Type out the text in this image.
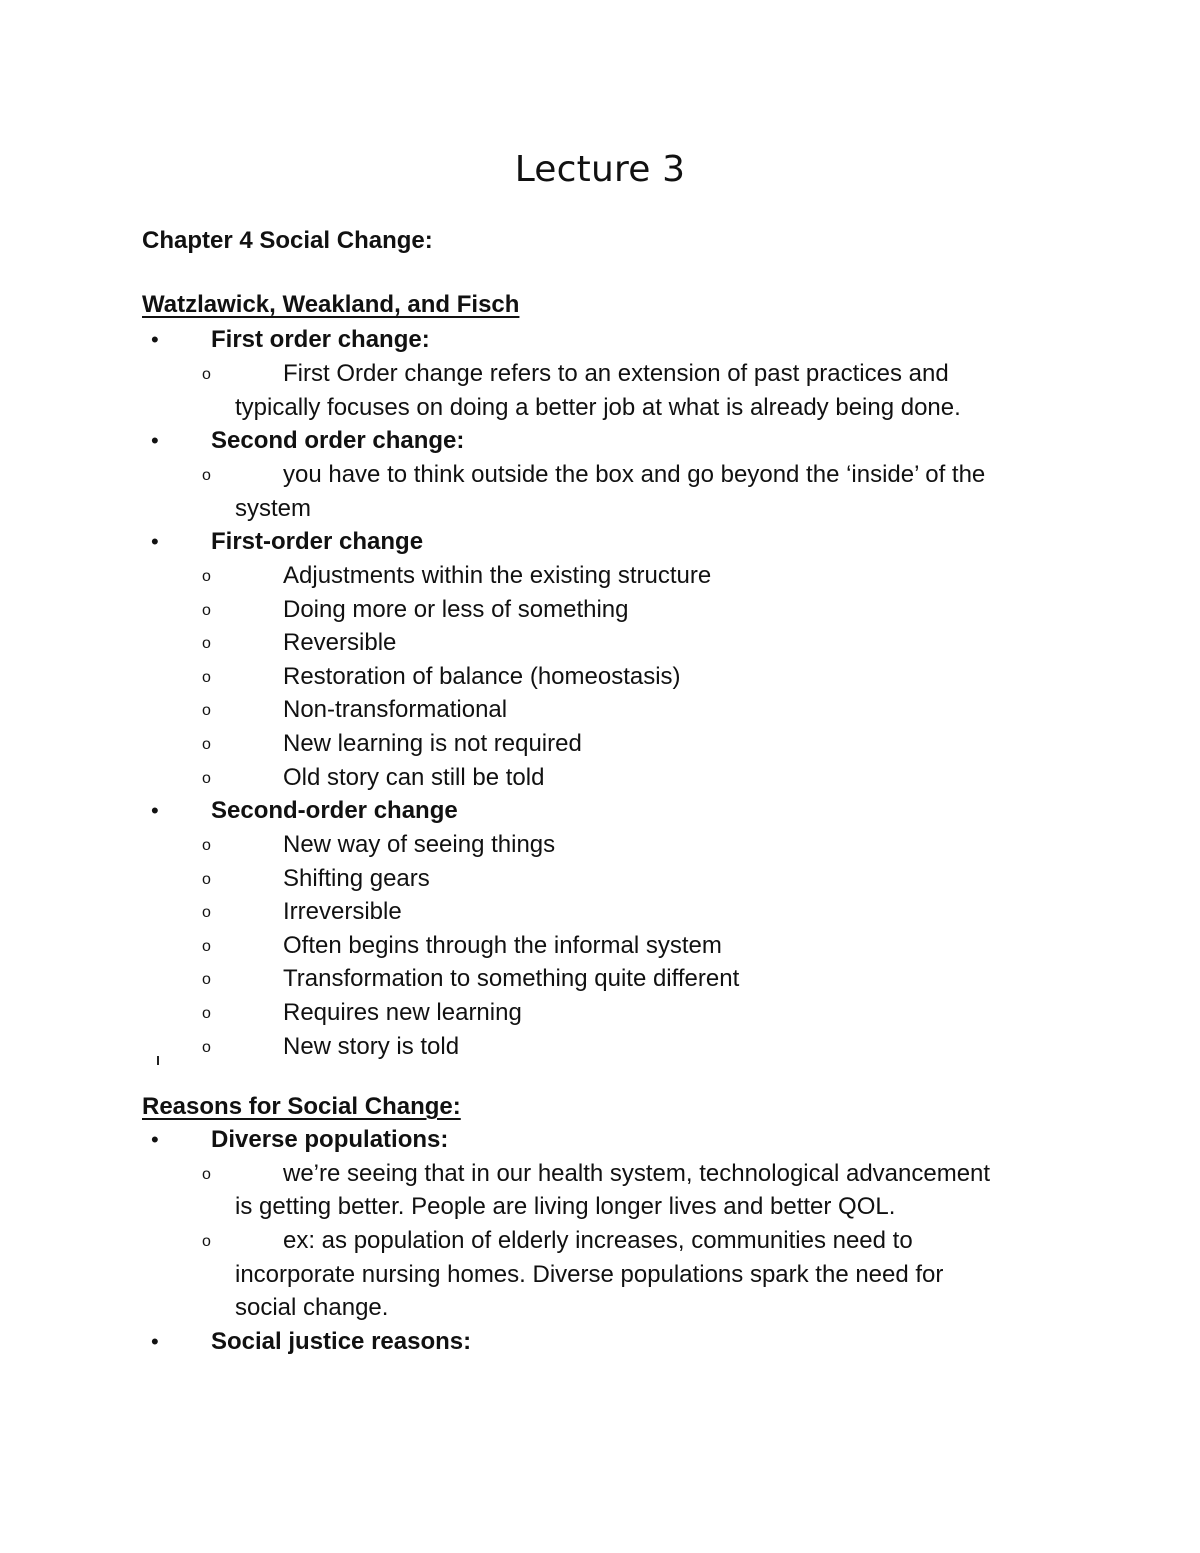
Lecture 3
Chapter 4 Social Change:
Watzlawick, Weakland, and Fisch
• First order change:
o	First Order change refers to an extension of past practices and
typically focuses on doing a better job at what is already being done.
• Second order change:
o	you have to think outside the box and go beyond the ‘inside’ of the
system
• First-order change
o	Adjustments within the existing structure
o	Doing more or less of something
o	Reversible
o	Restoration of balance (homeostasis)
o	Non-transformational
o	New learning is not required
o	Old story can still be told
• Second-order change
o	New way of seeing things
o	Shifting gears
o	Irreversible
o	Often begins through the informal system
o	Transformation to something quite different
o	Requires new learning
o	New story is told
Reasons for Social Change:
• Diverse populations:
o	we’re seeing that in our health system, technological advancement
is getting better. People are living longer lives and better QOL.
o	ex: as population of elderly increases, communities need to
incorporate nursing homes. Diverse populations spark the need for
social change.
• Social justice reasons:
